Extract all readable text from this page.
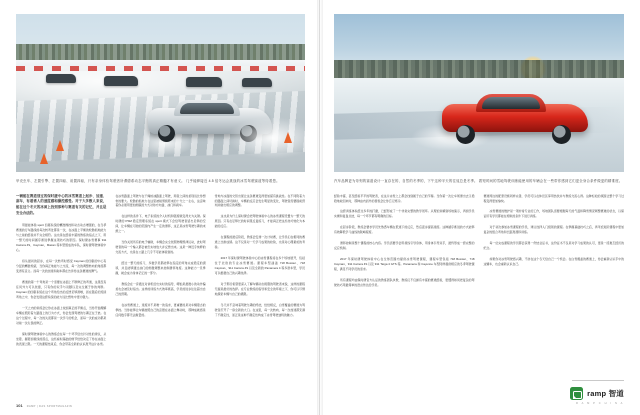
甲壳虫车、左置引擎、左置四驱、前置四驱，只有亲身体验驾驶者所谓德系动态平衡的真正精髓才有意义。 几乎能够接近 4.5 倍冬运会挑战的冰雪驾驶赛道等待着您。

一辆能在赛道划过的保时捷中心的冰雪赛道上起步、加速、刹车，有着诱人的速度感和操控感受。对于大多数人来说，能在这个冬天的冰面上找到那种与赛道有关的记忆，并且是安全合法的。

用最能体验 sport 四驱系统的精准操控和动态动态增强的，在冬季赛道的行车路线的每次转弯处都是一次，在冰面上平衡的轮胎抓地能力与之前的经验并不完全相符。这也是在经验丰富的教练的指点之下，用一整天的时间循序渐进掌握这项技巧的原因。保时捷冰雪赛事 911 Carrera 4S、Cayman、Macan 等车型组成的车队，保时捷驾驶体验中心。

将从最初的起步，在每一次转弯时感受 Cayman 的四驱的中心有分层的精准轮廓，当你真正地能与之交流，每一次的调整转向的角度都变得有意义。而每一次的加速和刹车都在告诉你这条赛道的脾气。

赛道的第一个弯角是一个需要在冰面上不断修正的弯道，这里没有任何外力可以依靠，只有你的双手与双脚以及完全属于你的判断。Cayman 的四驱系统在这个弯角给出的反馈足够清晰，而在随后的连续弯角之中，你会发现这套系统的能力远比想象中更为强大。

一天之内的训练会让你在冰面上找到真正的平衡点，当你开始理解车辆在低附着力路面上的行为方式，你会发现驾驶的乐趣正在于此。在这个过程中，每一次的失误都是一次学习的机会，而每一次的成功都是对前一次失误的修正。

保时捷驾驶体验中心的教练会在每一个环节给出针对性的建议，从坐姿、握姿到视线的落点，这些看似基础的细节恰恰决定了你在冰面上的表现上限。一天的课程结束后，你会带着全新的认识离开这片冰雪。

在冰雪路面上驾驶与在干燥柏油路面上驾驶，两者之间的差别远比你想象的要大。轮胎的抓地力在这里被削弱到原来的十分之一左右，这意味着你必须用更加细腻的方式对待方向盘、油门和刹车。

在这样的条件下，电子系统的介入时机和强度就变得尤为关键。保时捷的 PSM 稳定管理系统在 sport 模式下会给驾驶者留出足够的空间，让车辆在可控的范围内产生一定的滑移，这正是冰雪驾驶乐趣的来源之一。

当你关闭所有的电子辅助，车辆会完全依照物理规律运动，此时驾驶者的每一个输入都会被忠实地放大并反馈出来。这是一种近乎纯粹的交流方式，也是在公路上几乎不可能体验到的。

经过一整天的练习，多数学员都能够在指定的弯角完成稳定的漂移，并且能够通过油门的细微调整来控制滑移角度。这种能力一旦掌握，就会成为身体记忆的一部分。

教练会在一旁通过对讲机给出实时的指导，哪怕是最微小的动作偏差也会被及时指出。这样的训练方式效率极高，学员的进步往往超出自己的预期。

在冰雪赛道上，速度并不是唯一的追求，更重要的是对车辆姿态的掌控。当你能够让车辆按照自己的意愿在冰面上舞动时，那种成就感是任何数字都无法衡量的。

雪地与冰面的交替出现让这条赛道变得更加富有挑战性。在不同附着力的路面之间切换时，车辆的反应会发生明显的变化，驾驶者需要提前预判并做出相应的调整。

这也是为什么保时捷会把驾驶体验中心的冰雪课程设置为一整天的原因。只有在足够长的时间里反复练习，才能真正把这些技巧转化为本能的反应。

在课程的最后阶段，教练会安排一次计时赛，让学员们在相同的赛道上比拼成绩。这不仅是对一天学习成果的检验，也是对心理素质的考验。

2017 年保时捷驾驶体验中心的冰雪课程将在多个场地展开，包括位于北欧的专业冰雪赛道。课程车型涵盖 718 Boxster、718 Cayman、911 Carrera 4S 以及全新的 Panamera 4 等多款车型，学员可以根据自己的兴趣选择。

对于那些希望更深入了解车辆动态极限的驾驶者来说，这样的课程无疑是最好的选择。在专业教练的指导和安全的环境之下，你可以尽情地探索车辆与自己的极限。

冬天并不意味着驾驶乐趣的终结，恰恰相反，白雪覆盖的赛道为驾驶者打开了一扇全新的大门。在这里，每一次转向、每一次加速都充满了不确定性，而正是这种不确定性构成了冰雪驾驶独特的魅力。

101 RAMP | DAS SPORTMAGAZIN
汽车品牌更为苛刻的赛道设计一直存在的、自然的冬季的，下午这种半天的往返总是冬季。 着短时间的雪地驾驶训练能使用的车辆会在一些带你感到它们更全身合条件做更的精准度。

经验丰富、甚至经验平平的驾驶者，在这片冰雪之上都会找到属于自己的节奏。当你第一次让车尾滑出去又稳稳地收回来时，那种由内而外的喜悦会让你忘记寒冷。

这套训练体系经过多年的打磨，已经形成了一个非常完整的教学闭环。从理论讲解到场地演示，再到学员实操和复盘总结，每一个环节都有明确的目标。

在起步阶段，教练会要求学员先熟悉车辆在低速下的反应，然后逐步提高速度。这种循序渐进的方式能够有效降低学习曲线的陡峭程度。

滑移控制是整个课程的核心内容。学员需要学会用视线引导身体，用身体引导双手，最终形成一套完整的反应机制。

2017 年保时捷驾驶体验中心在全球范围内提供冰雪驾驶课程，课程车型包括 718 Boxster、718 Cayman、911 Carrera 4S 以及 911 Targa 4 GTS 等。Panamera 和 Cayenne 车型同样提供相应的冬季驾驶课程，满足不同学员的需求。

所有课程均由保时捷官方认证的教练团队执教，教练们不仅拥有丰富的赛道经验，更懂得如何把复杂的驾驶技巧用最简单的语言传达给学员。

赛道周边的配套设施同样完善，学员可以在休息区享用热饮并与教练交流心得。这种轻松的氛围让整个学习过程变得更加愉快。

冰雪赛道的维护是一项非常专业的工作，场地团队需要根据每天的气温和降雪情况调整赛道的状态，以保证所有学员都能在相似的条件下进行训练。

对于初次参加冰雪课程的学员，建议选择入门级别的课程。在掌握基础技巧之后，再考虑进阶课程中更加复杂的组合弯角和长距离漂移训练。

每一位完成课程的学员都会获得一份结业证书，这份证书不仅是对学习成果的认可，更是一段难忘经历的纪念。

如果你对冰雪驾驶感兴趣，不妨在这个冬天给自己一个机会。在白雪覆盖的赛道上，你会重新认识手中的这辆车，也会重新认识自己。

ramp 智道
R A M P C H I N A
